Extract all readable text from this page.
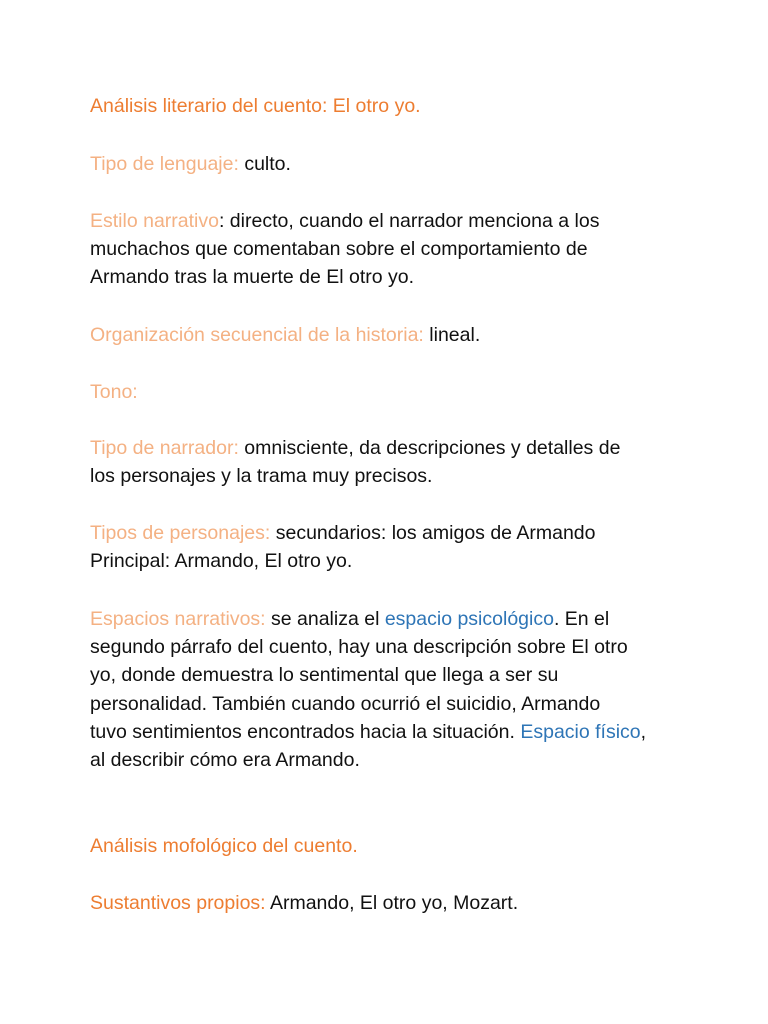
Análisis literario del cuento: El otro yo.

Tipo de lenguaje: culto.

Estilo narrativo: directo, cuando el narrador menciona a los
muchachos que comentaban sobre el comportamiento de
Armando tras la muerte de El otro yo.

Organización secuencial de la historia: lineal.

Tono:

Tipo de narrador: omnisciente, da descripciones y detalles de
los personajes y la trama muy precisos.
Tipos de personajes: secundarios: los amigos de Armando
Principal: Armando, El otro yo.
Espacios narrativos: se analiza el espacio psicológico. En el
segundo párrafo del cuento, hay una descripción sobre El otro
yo, donde demuestra lo sentimental que llega a ser su
personalidad. También cuando ocurrió el suicidio, Armando
tuvo sentimientos encontrados hacia la situación. Espacio físico,
al describir cómo era Armando.

Análisis mofológico del cuento.

Sustantivos propios: Armando, El otro yo, Mozart.
